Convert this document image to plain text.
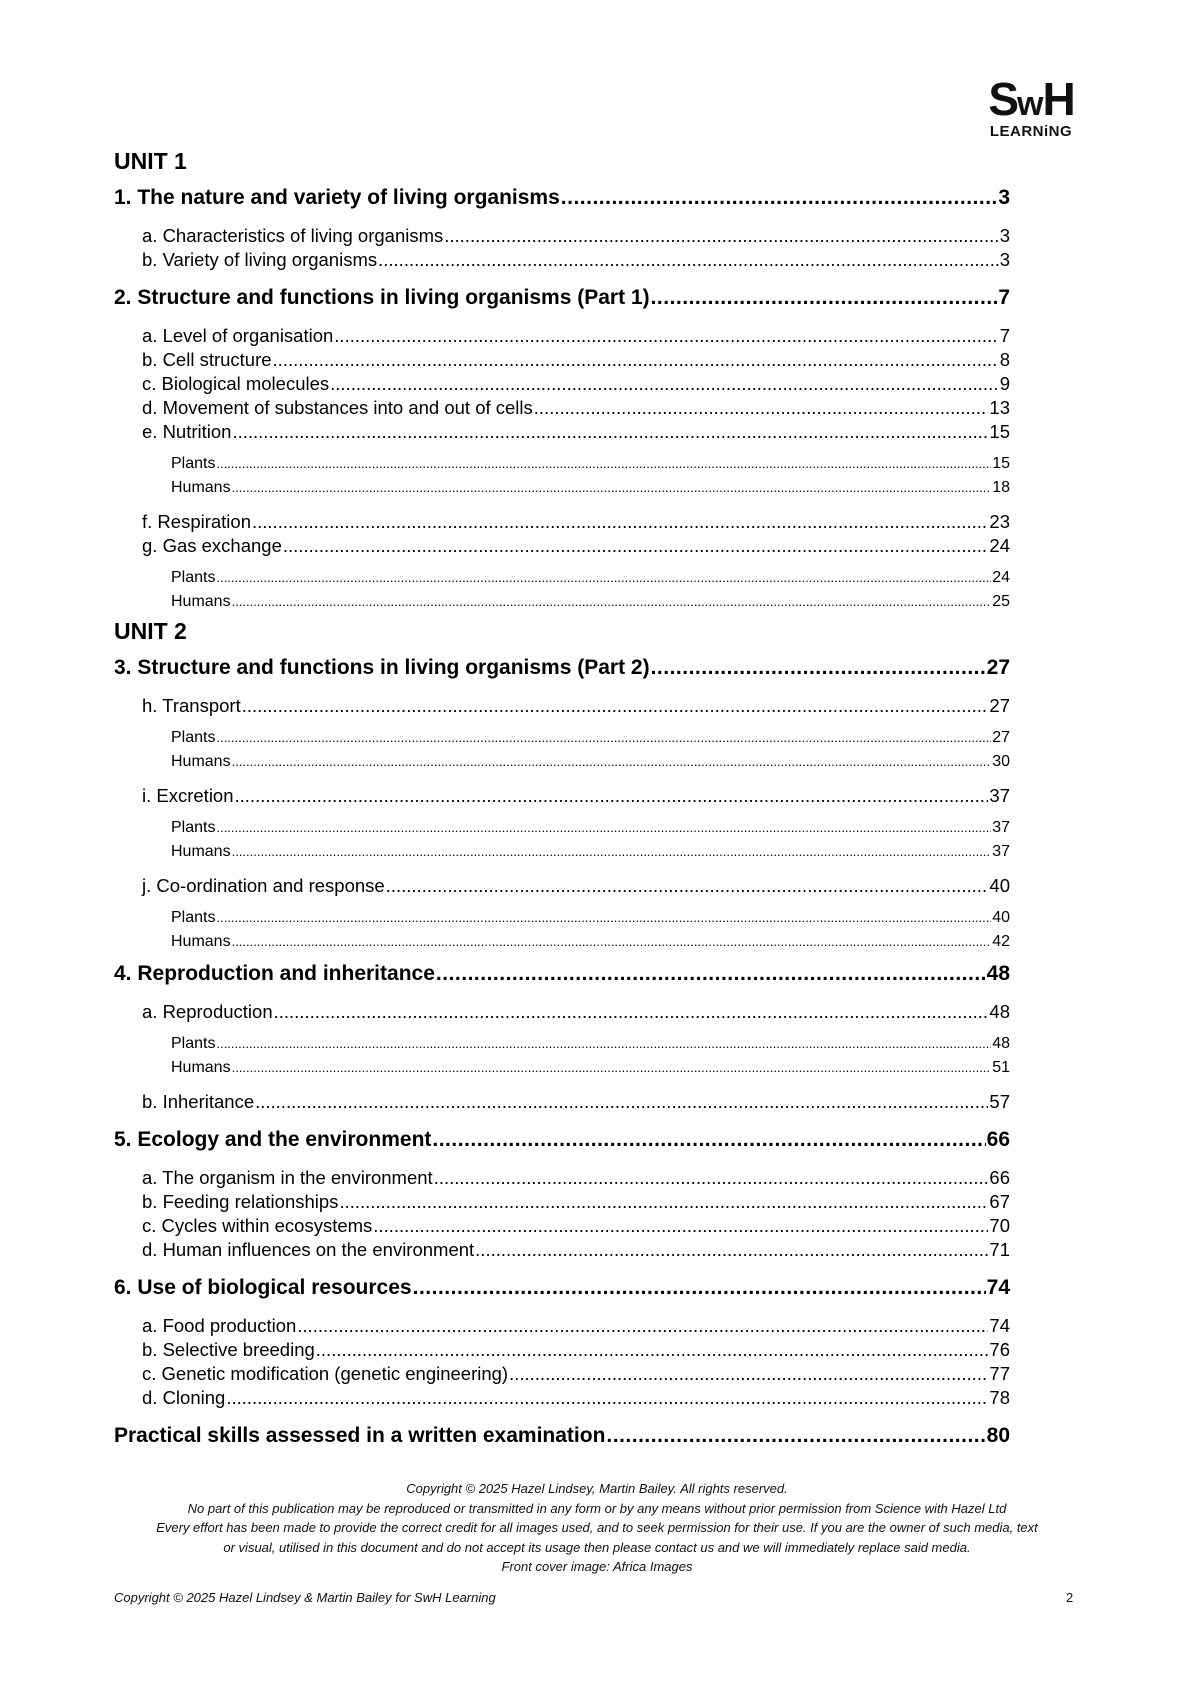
SwH
LEARNiNG
UNIT 1
1. The nature and variety of living organisms .....	3
a. Characteristics of living organisms .....	3
b. Variety of living organisms .....	3
2. Structure and functions in living organisms (Part 1) .....	7
a. Level of organisation .....	7
b. Cell structure .....	8
c. Biological molecules .....	9
d. Movement of substances into and out of cells .....	13
e. Nutrition .....	15
Plants .....	15
Humans .....	18
f. Respiration .....	23
g. Gas exchange .....	24
Plants .....	24
Humans .....	25
UNIT 2
3. Structure and functions in living organisms (Part 2) .....	27
h. Transport .....	27
Plants .....	27
Humans .....	30
i. Excretion .....	37
Plants .....	37
Humans .....	37
j. Co-ordination and response .....	40
Plants .....	40
Humans .....	42
4. Reproduction and inheritance .....	48
a. Reproduction .....	48
Plants .....	48
Humans .....	51
b. Inheritance .....	57
5. Ecology and the environment .....	66
a. The organism in the environment .....	66
b. Feeding relationships .....	67
c. Cycles within ecosystems .....	70
d. Human influences on the environment .....	71
6. Use of biological resources .....	74
a. Food production .....	74
b. Selective breeding .....	76
c. Genetic modification (genetic engineering) .....	77
d. Cloning .....	78
Practical skills assessed in a written examination .....	80
Copyright © 2025 Hazel Lindsey, Martin Bailey. All rights reserved.
No part of this publication may be reproduced or transmitted in any form or by any means without prior permission from Science with Hazel Ltd
Every effort has been made to provide the correct credit for all images used, and to seek permission for their use. If you are the owner of such media, text
or visual, utilised in this document and do not accept its usage then please contact us and we will immediately replace said media.
Front cover image: Africa Images
Copyright © 2025 Hazel Lindsey & Martin Bailey for SwH Learning	2
